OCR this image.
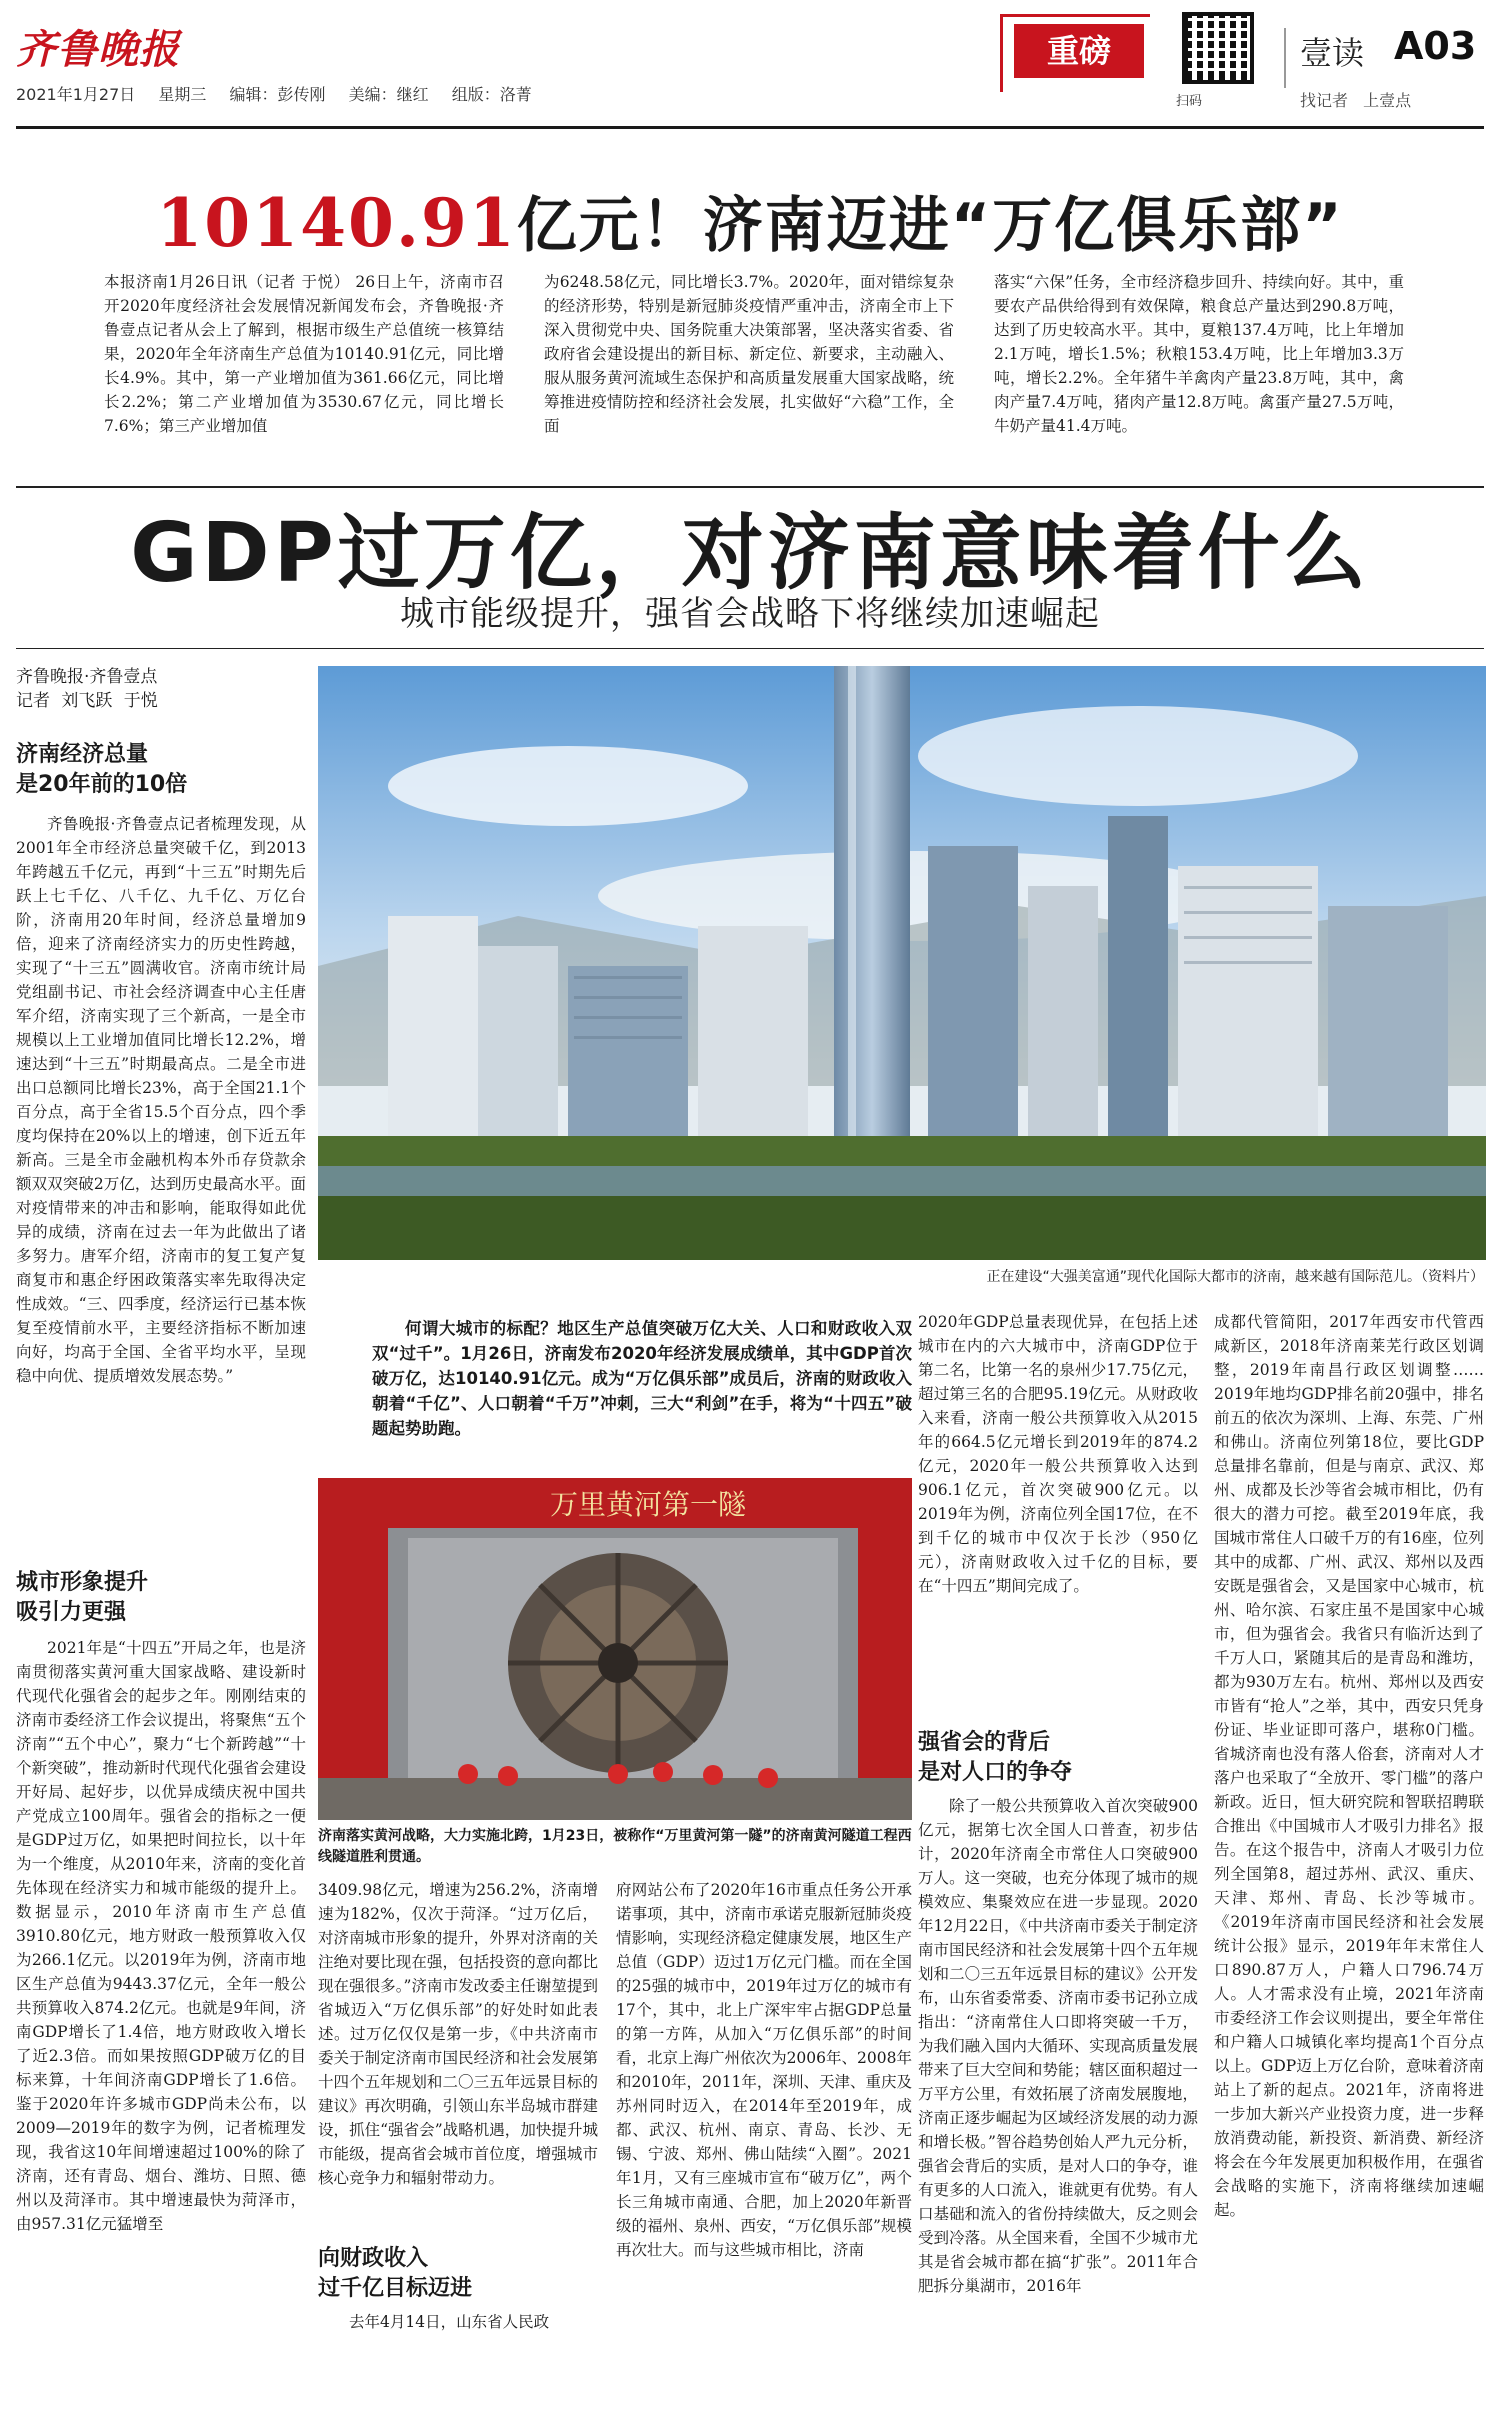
齐鲁晚报
2021年1月27日 星期三 编辑：彭传刚 美编：继红 组版：洛菁
重磅
扫码
壹读 A03
找记者 上壹点
10140.91亿元！济南迈进“万亿俱乐部”
本报济南1月26日讯（记者 于悦） 26日上午，济南市召开2020年度经济社会发展情况新闻发布会，齐鲁晚报·齐鲁壹点记者从会上了解到，根据市级生产总值统一核算结果，2020年全年济南生产总值为10140.91亿元，同比增长4.9%。其中，第一产业增加值为361.66亿元，同比增长2.2%；第二产业增加值为3530.67亿元，同比增长7.6%；第三产业增加值
为6248.58亿元，同比增长3.7%。2020年，面对错综复杂的经济形势，特别是新冠肺炎疫情严重冲击，济南全市上下深入贯彻党中央、国务院重大决策部署，坚决落实省委、省政府省会建设提出的新目标、新定位、新要求，主动融入、服从服务黄河流域生态保护和高质量发展重大国家战略，统筹推进疫情防控和经济社会发展，扎实做好“六稳”工作，全面
落实“六保”任务，全市经济稳步回升、持续向好。其中，重要农产品供给得到有效保障，粮食总产量达到290.8万吨，达到了历史较高水平。其中，夏粮137.4万吨，比上年增加2.1万吨，增长1.5%；秋粮153.4万吨，比上年增加3.3万吨，增长2.2%。全年猪牛羊禽肉产量23.8万吨，其中，禽肉产量7.4万吨，猪肉产量12.8万吨。禽蛋产量27.5万吨，牛奶产量41.4万吨。
GDP过万亿，对济南意味着什么
城市能级提升，强省会战略下将继续加速崛起
齐鲁晚报·齐鲁壹点
记者 刘飞跃 于悦
济南经济总量
是20年前的10倍
齐鲁晚报·齐鲁壹点记者梳理发现，从2001年全市经济总量突破千亿，到2013年跨越五千亿元，再到“十三五”时期先后跃上七千亿、八千亿、九千亿、万亿台阶，济南用20年时间，经济总量增加9倍，迎来了济南经济实力的历史性跨越，实现了“十三五”圆满收官。济南市统计局党组副书记、市社会经济调查中心主任唐军介绍，济南实现了三个新高，一是全市规模以上工业增加值同比增长12.2%，增速达到“十三五”时期最高点。二是全市进出口总额同比增长23%，高于全国21.1个百分点，高于全省15.5个百分点，四个季度均保持在20%以上的增速，创下近五年新高。三是全市金融机构本外币存贷款余额双双突破2万亿，达到历史最高水平。面对疫情带来的冲击和影响，能取得如此优异的成绩，济南在过去一年为此做出了诸多努力。唐军介绍，济南市的复工复产复商复市和惠企纾困政策落实率先取得决定性成效。“三、四季度，经济运行已基本恢复至疫情前水平，主要经济指标不断加速向好，均高于全国、全省平均水平，呈现稳中向优、提质增效发展态势。”
城市形象提升
吸引力更强
2021年是“十四五”开局之年，也是济南贯彻落实黄河重大国家战略、建设新时代现代化强省会的起步之年。刚刚结束的济南市委经济工作会议提出，将聚焦“五个济南”“五个中心”，聚力“七个新跨越”“十个新突破”，推动新时代现代化强省会建设开好局、起好步，以优异成绩庆祝中国共产党成立100周年。强省会的指标之一便是GDP过万亿，如果把时间拉长，以十年为一个维度，从2010年来，济南的变化首先体现在经济实力和城市能级的提升上。数据显示，2010年济南市生产总值3910.80亿元，地方财政一般预算收入仅为266.1亿元。以2019年为例，济南市地区生产总值为9443.37亿元，全年一般公共预算收入874.2亿元。也就是9年间，济南GDP增长了1.4倍，地方财政收入增长了近2.3倍。而如果按照GDP破万亿的目标来算，十年间济南GDP增长了1.6倍。鉴于2020年许多城市GDP尚未公布，以2009—2019年的数字为例，记者梳理发现，我省这10年间增速超过100%的除了济南，还有青岛、烟台、潍坊、日照、德州以及菏泽市。其中增速最快为菏泽市，由957.31亿元猛增至
正在建设“大强美富通”现代化国际大都市的济南，越来越有国际范儿。（资料片）
何谓大城市的标配？地区生产总值突破万亿大关、人口和财政收入双双“过千”。1月26日，济南发布2020年经济发展成绩单，其中GDP首次破万亿，达10140.91亿元。成为“万亿俱乐部”成员后，济南的财政收入朝着“千亿”、人口朝着“千万”冲刺，三大“利剑”在手，将为“十四五”破题起势助跑。
万里黄河第一隧
济南落实黄河战略，大力实施北跨，1月23日，被称作“万里黄河第一隧”的济南黄河隧道工程西线隧道胜利贯通。
3409.98亿元，增速为256.2%，济南增速为182%，仅次于菏泽。“过万亿后，对济南城市形象的提升，外界对济南的关注绝对要比现在强，包括投资的意向都比现在强很多。”济南市发改委主任谢堃提到省城迈入“万亿俱乐部”的好处时如此表述。过万亿仅仅是第一步，《中共济南市委关于制定济南市国民经济和社会发展第十四个五年规划和二〇三五年远景目标的建议》再次明确，引领山东半岛城市群建设，抓住“强省会”战略机遇，加快提升城市能级，提高省会城市首位度，增强城市核心竞争力和辐射带动力。
向财政收入
过千亿目标迈进
去年4月14日，山东省人民政
府网站公布了2020年16市重点任务公开承诺事项，其中，济南市承诺克服新冠肺炎疫情影响，实现经济稳定健康发展，地区生产总值（GDP）迈过1万亿元门槛。而在全国的25强的城市中，2019年过万亿的城市有17个，其中，北上广深牢牢占据GDP总量的第一方阵，从加入“万亿俱乐部”的时间看，北京上海广州依次为2006年、2008年和2010年，2011年，深圳、天津、重庆及苏州同时迈入，在2014年至2019年，成都、武汉、杭州、南京、青岛、长沙、无锡、宁波、郑州、佛山陆续“入圈”。2021年1月，又有三座城市宣布“破万亿”，两个长三角城市南通、合肥，加上2020年新晋级的福州、泉州、西安，“万亿俱乐部”规模再次壮大。而与这些城市相比，济南
2020年GDP总量表现优异，在包括上述城市在内的六大城市中，济南GDP位于第二名，比第一名的泉州少17.75亿元，超过第三名的合肥95.19亿元。从财政收入来看，济南一般公共预算收入从2015年的664.5亿元增长到2019年的874.2亿元，2020年一般公共预算收入达到906.1亿元，首次突破900亿元。以2019年为例，济南位列全国17位，在不到千亿的城市中仅次于长沙（950亿元），济南财政收入过千亿的目标，要在“十四五”期间完成了。
强省会的背后
是对人口的争夺
除了一般公共预算收入首次突破900亿元，据第七次全国人口普查，初步估计，2020年济南全市常住人口突破900万人。这一突破，也充分体现了城市的规模效应、集聚效应在进一步显现。2020年12月22日，《中共济南市委关于制定济南市国民经济和社会发展第十四个五年规划和二〇三五年远景目标的建议》公开发布，山东省委常委、济南市委书记孙立成指出：“济南常住人口即将突破一千万，为我们融入国内大循环、实现高质量发展带来了巨大空间和势能；辖区面积超过一万平方公里，有效拓展了济南发展腹地，济南正逐步崛起为区域经济发展的动力源和增长极。”智谷趋势创始人严九元分析，强省会背后的实质，是对人口的争夺，谁有更多的人口流入，谁就更有优势。有人口基础和流入的省份持续做大，反之则会受到冷落。从全国来看，全国不少城市尤其是省会城市都在搞“扩张”。2011年合肥拆分巢湖市，2016年
成都代管简阳，2017年西安市代管西咸新区，2018年济南莱芜行政区划调整，2019年南昌行政区划调整……2019年地均GDP排名前20强中，排名前五的依次为深圳、上海、东莞、广州和佛山。济南位列第18位，要比GDP总量排名靠前，但是与南京、武汉、郑州、成都及长沙等省会城市相比，仍有很大的潜力可挖。截至2019年底，我国城市常住人口破千万的有16座，位列其中的成都、广州、武汉、郑州以及西安既是强省会，又是国家中心城市，杭州、哈尔滨、石家庄虽不是国家中心城市，但为强省会。我省只有临沂达到了千万人口，紧随其后的是青岛和潍坊，都为930万左右。杭州、郑州以及西安市皆有“抢人”之举，其中，西安只凭身份证、毕业证即可落户，堪称0门槛。省城济南也没有落人俗套，济南对人才落户也采取了“全放开、零门槛”的落户新政。近日，恒大研究院和智联招聘联合推出《中国城市人才吸引力排名》报告。在这个报告中，济南人才吸引力位列全国第8，超过苏州、武汉、重庆、天津、郑州、青岛、长沙等城市。《2019年济南市国民经济和社会发展统计公报》显示，2019年年末常住人口890.87万人，户籍人口796.74万人。人才需求没有止境，2021年济南市委经济工作会议则提出，要全年常住和户籍人口城镇化率均提高1个百分点以上。GDP迈上万亿台阶，意味着济南站上了新的起点。2021年，济南将进一步加大新兴产业投资力度，进一步释放消费动能，新投资、新消费、新经济将会在今年发展更加积极作用，在强省会战略的实施下，济南将继续加速崛起。
